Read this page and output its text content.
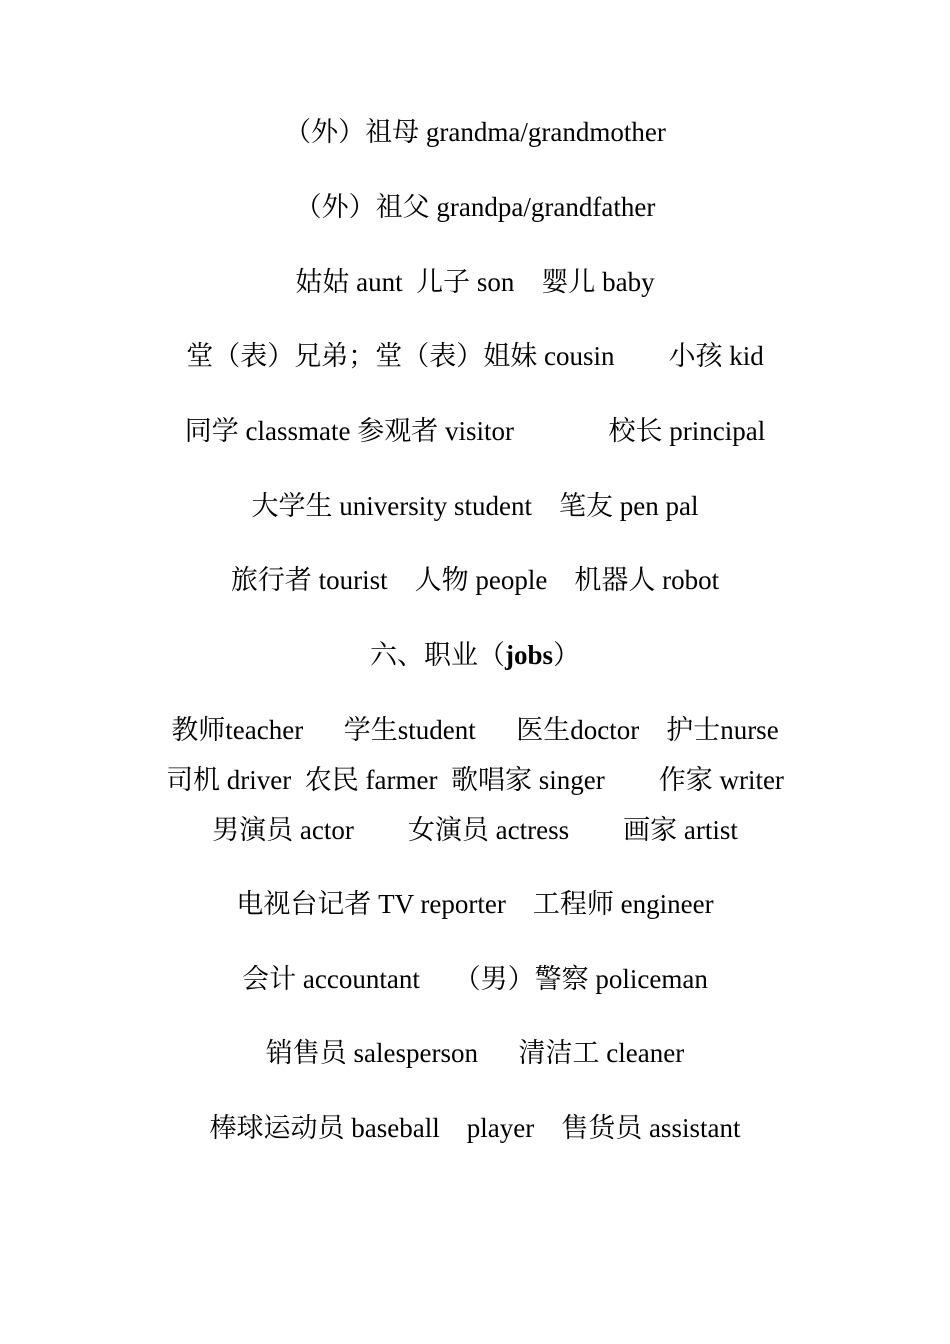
（外）祖母 grandma/grandmother
（外）祖父 grandpa/grandfather
姑姑 aunt  儿子 son    婴儿 baby
堂（表）兄弟；堂（表）姐妹 cousin        小孩 kid
同学 classmate 参观者 visitor              校长 principal
大学生 university student    笔友 pen pal
旅行者 tourist    人物 people    机器人 robot
六、职业（jobs）
教师teacher      学生student      医生doctor    护士nurse
司机 driver  农民 farmer  歌唱家 singer        作家 writer
男演员 actor        女演员 actress        画家 artist
电视台记者 TV reporter    工程师 engineer
会计 accountant     （男）警察 policeman
销售员 salesperson      清洁工 cleaner
棒球运动员 baseball    player    售货员 assistant
